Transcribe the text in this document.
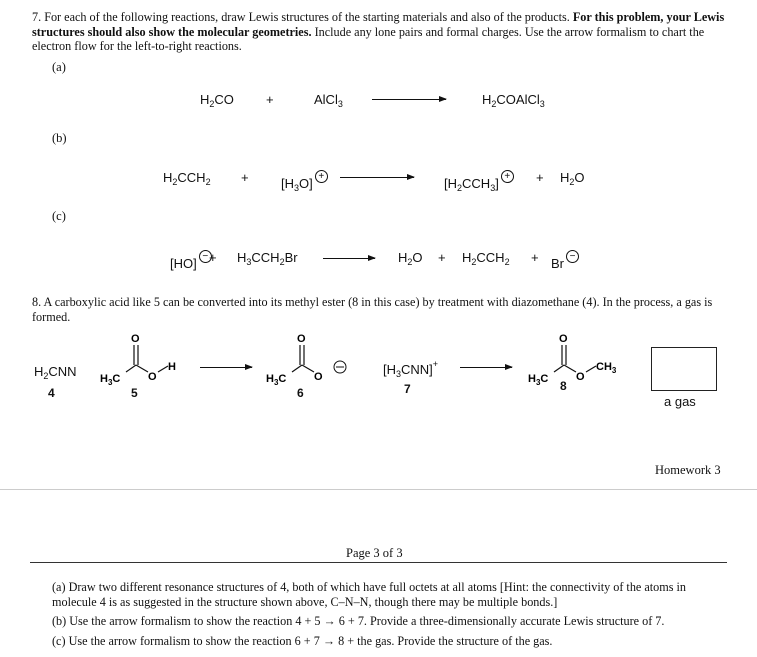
7. For each of the following reactions, draw Lewis structures of the starting materials and also of the products. For this problem, your Lewis structures should also show the molecular geometries. Include any lone pairs and formal charges. Use the arrow formalism to chart the electron flow for the left-to-right reactions.
(a)
$H_2CO$ +	AlCl$_3$	$H_2COAlCl_3$
(b)
$H_2CCH_2 + [H_3O]$ +	$[H_2CCH_3]$ + + $H_2O$
(c)
[HO] − + $H_3CCH_2Br$	$H_2O + H_2CCH_2 + Br$ −
8. A carboxylic acid like 5 can be converted into its methyl ester (8 in this case) by treatment with diazomethane (4). In the process, a gas is formed.
$H_2CNN$
4
O
$H_3C$	O
H
5
O
$H_3C$	O
6
$[H_3CNN]^+$
7
O
$H_3C$	O
$CH_3$
8
a gas
Homework 3
Page 3 of 3
(a) Draw two different resonance structures of 4, both of which have full octets at all atoms [Hint: the connectivity of the atoms in molecule 4 is as suggested in the structure shown above, C–N–N, though there may be multiple bonds.]
(b) Use the arrow formalism to show the reaction 4 + 5 → 6 + 7. Provide a three-dimensionally accurate Lewis structure of 7.
(c) Use the arrow formalism to show the reaction 6 + 7 → 8 + the gas. Provide the structure of the gas.
